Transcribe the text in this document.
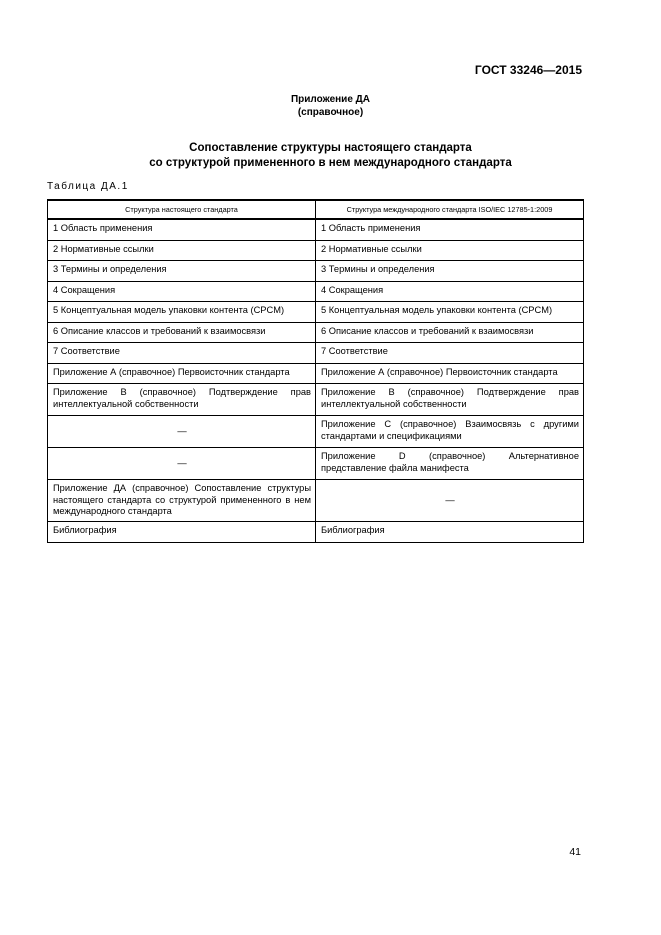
ГОСТ 33246—2015
Приложение ДА
(справочное)
Сопоставление структуры настоящего стандарта
со структурой примененного в нем международного стандарта
Таблица ДА.1
Структура настоящего стандарта	Структура международного стандарта ISO/IEC 12785-1:2009
1 Область применения	1 Область применения
2 Нормативные ссылки	2 Нормативные ссылки
3 Термины и определения	3 Термины и определения
4 Сокращения	4 Сокращения
5 Концептуальная модель упаковки контента (CPCM)	5 Концептуальная модель упаковки контента (CPCM)
6 Описание классов и требований к взаимосвязи	6 Описание классов и требований к взаимосвязи
7 Соответствие	7 Соответствие
Приложение А (справочное) Первоисточник стандарта	Приложение А (справочное) Первоисточник стандарта
Приложение В (справочное) Подтверждение прав интеллектуальной собственности	Приложение В (справочное) Подтверждение прав интеллектуальной собственности
—	Приложение С (справочное) Взаимосвязь с другими стандартами и спецификациями
—	Приложение D (справочное) Альтернативное представление файла манифеста
Приложение ДА (справочное) Сопоставление структуры настоящего стандарта со структурой примененного в нем международного стандарта	—
Библиография	Библиография
41
